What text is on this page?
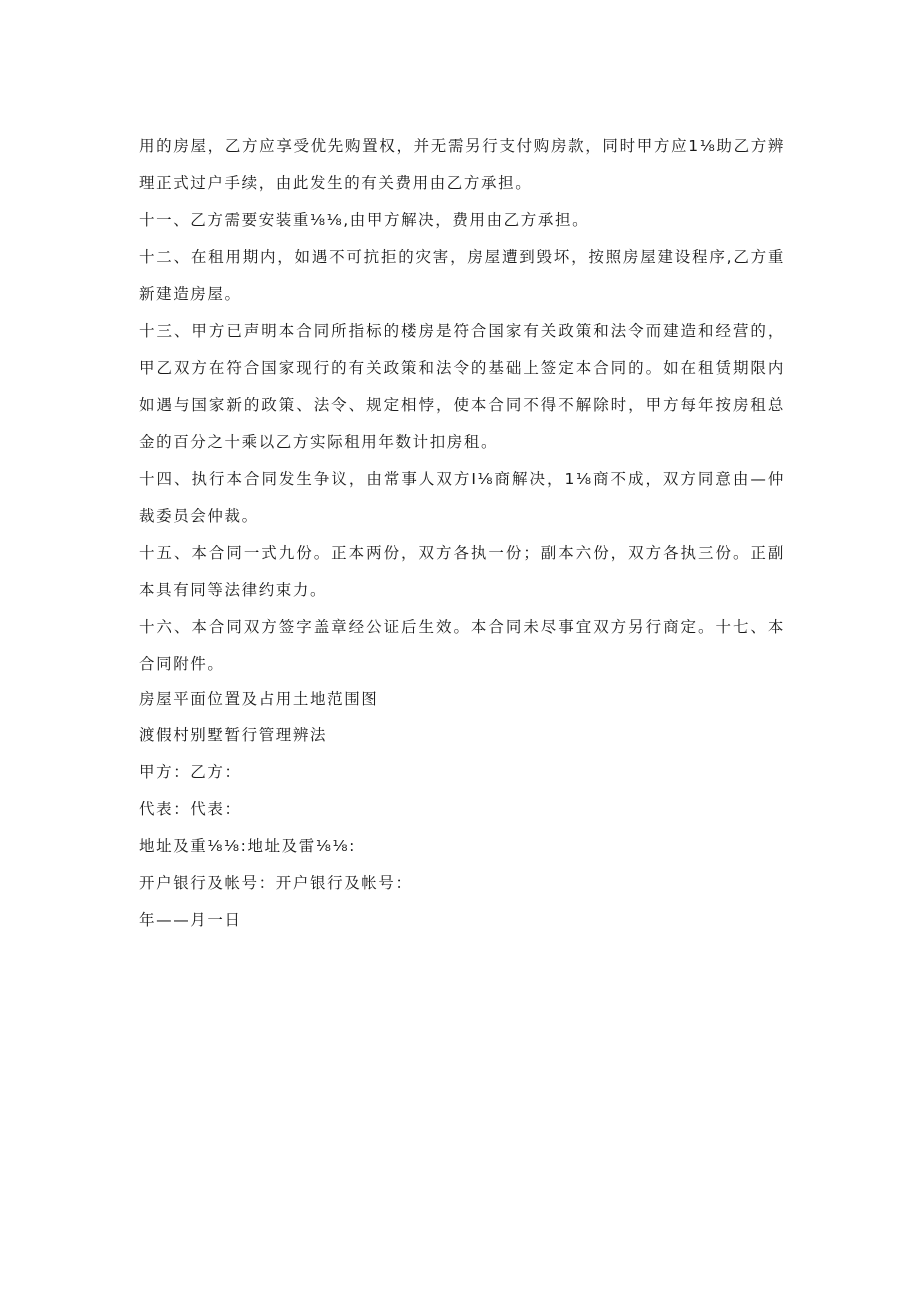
用的房屋，乙方应享受优先购置权，并无需另行支付购房款，同时甲方应1⅛助乙方辨理正式过户手续，由此发生的有关费用由乙方承担。

十一、乙方需要安装重⅛⅛,由甲方解决，费用由乙方承担。

十二、在租用期内，如遇不可抗拒的灾害，房屋遭到毁坏，按照房屋建设程序,乙方重新建造房屋。

十三、甲方已声明本合同所指标的楼房是符合国家有关政策和法令而建造和经营的，甲乙双方在符合国家现行的有关政策和法令的基础上签定本合同的。如在租赁期限内如遇与国家新的政策、法令、规定相悖，使本合同不得不解除时，甲方每年按房租总金的百分之十乘以乙方实际租用年数计扣房租。

十四、执行本合同发生争议，由常事人双方I⅛商解决，1⅛商不成，双方同意由—仲裁委员会仲裁。

十五、本合同一式九份。正本两份，双方各执一份；副本六份，双方各执三份。正副本具有同等法律约束力。

十六、本合同双方签字盖章经公证后生效。本合同未尽事宜双方另行商定。十七、本合同附件。

房屋平面位置及占用土地范围图

渡假村别墅暂行管理辨法

甲方：乙方：

代表：代表：

地址及重⅛⅛:地址及雷⅛⅛:

开户银行及帐号：开户银行及帐号：

年——月一日
